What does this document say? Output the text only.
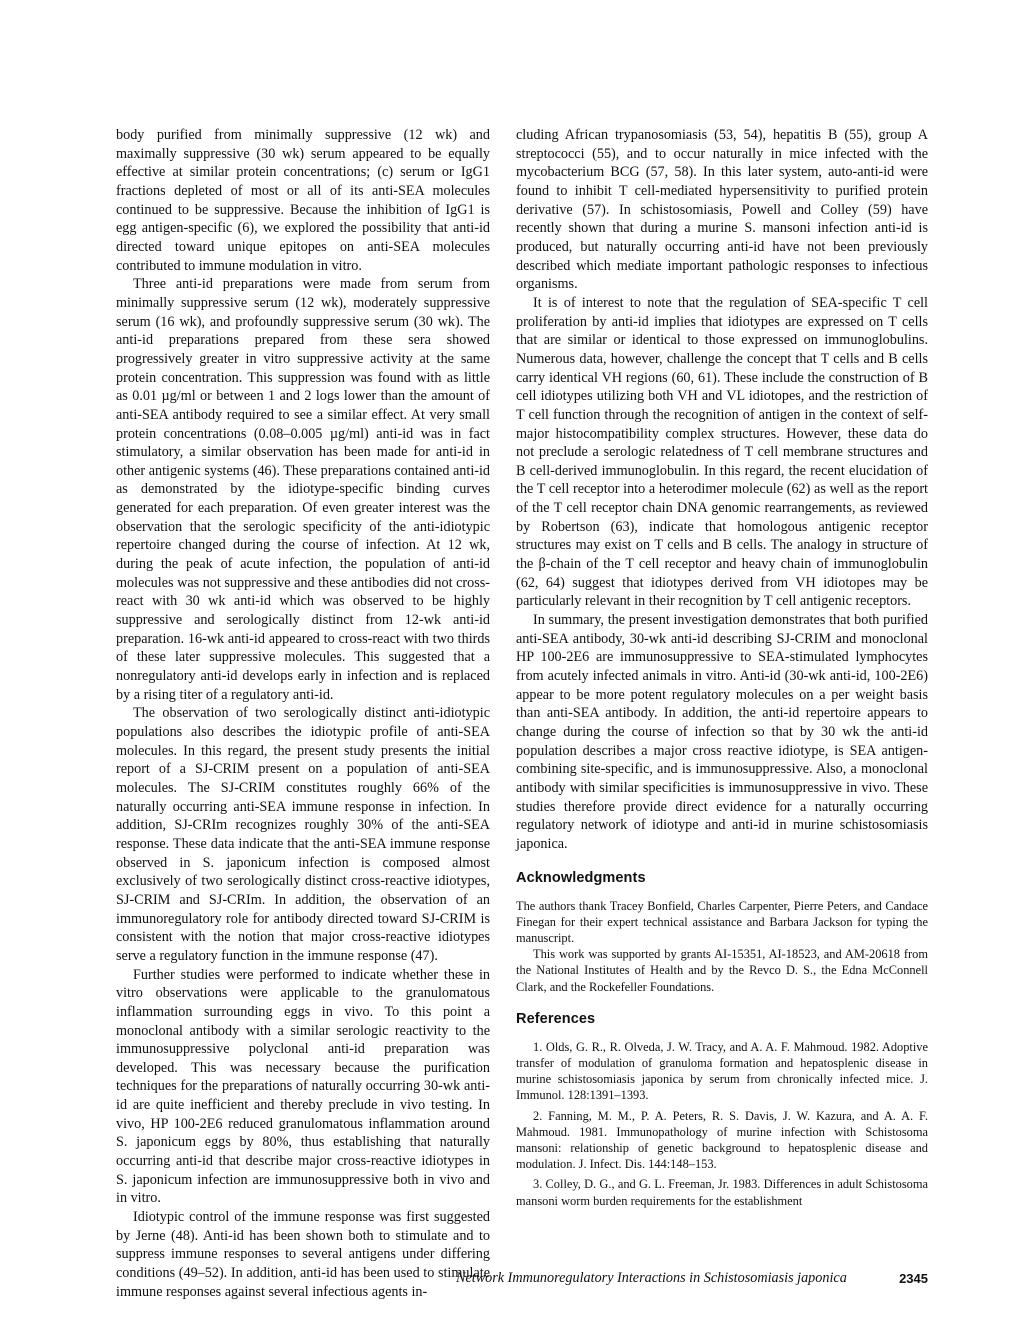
body purified from minimally suppressive (12 wk) and maximally suppressive (30 wk) serum appeared to be equally effective at similar protein concentrations; (c) serum or IgG1 fractions depleted of most or all of its anti-SEA molecules continued to be suppressive. Because the inhibition of IgG1 is egg antigen-specific (6), we explored the possibility that anti-id directed toward unique epitopes on anti-SEA molecules contributed to immune modulation in vitro.

Three anti-id preparations were made from serum from minimally suppressive serum (12 wk), moderately suppressive serum (16 wk), and profoundly suppressive serum (30 wk). The anti-id preparations prepared from these sera showed progressively greater in vitro suppressive activity at the same protein concentration. This suppression was found with as little as 0.01 µg/ml or between 1 and 2 logs lower than the amount of anti-SEA antibody required to see a similar effect. At very small protein concentrations (0.08–0.005 µg/ml) anti-id was in fact stimulatory, a similar observation has been made for anti-id in other antigenic systems (46). These preparations contained anti-id as demonstrated by the idiotype-specific binding curves generated for each preparation. Of even greater interest was the observation that the serologic specificity of the anti-idiotypic repertoire changed during the course of infection. At 12 wk, during the peak of acute infection, the population of anti-id molecules was not suppressive and these antibodies did not cross-react with 30 wk anti-id which was observed to be highly suppressive and serologically distinct from 12-wk anti-id preparation. 16-wk anti-id appeared to cross-react with two thirds of these later suppressive molecules. This suggested that a nonregulatory anti-id develops early in infection and is replaced by a rising titer of a regulatory anti-id.

The observation of two serologically distinct anti-idiotypic populations also describes the idiotypic profile of anti-SEA molecules. In this regard, the present study presents the initial report of a SJ-CRIM present on a population of anti-SEA molecules. The SJ-CRIM constitutes roughly 66% of the naturally occurring anti-SEA immune response in infection. In addition, SJ-CRIm recognizes roughly 30% of the anti-SEA response. These data indicate that the anti-SEA immune response observed in S. japonicum infection is composed almost exclusively of two serologically distinct cross-reactive idiotypes, SJ-CRIM and SJ-CRIm. In addition, the observation of an immunoregulatory role for antibody directed toward SJ-CRIM is consistent with the notion that major cross-reactive idiotypes serve a regulatory function in the immune response (47).

Further studies were performed to indicate whether these in vitro observations were applicable to the granulomatous inflammation surrounding eggs in vivo. To this point a monoclonal antibody with a similar serologic reactivity to the immunosuppressive polyclonal anti-id preparation was developed. This was necessary because the purification techniques for the preparations of naturally occurring 30-wk anti-id are quite inefficient and thereby preclude in vivo testing. In vivo, HP 100-2E6 reduced granulomatous inflammation around S. japonicum eggs by 80%, thus establishing that naturally occurring anti-id that describe major cross-reactive idiotypes in S. japonicum infection are immunosuppressive both in vivo and in vitro.

Idiotypic control of the immune response was first suggested by Jerne (48). Anti-id has been shown both to stimulate and to suppress immune responses to several antigens under differing conditions (49–52). In addition, anti-id has been used to stimulate immune responses against several infectious agents in-

cluding African trypanosomiasis (53, 54), hepatitis B (55), group A streptococci (55), and to occur naturally in mice infected with the mycobacterium BCG (57, 58). In this later system, auto-anti-id were found to inhibit T cell-mediated hypersensitivity to purified protein derivative (57). In schistosomiasis, Powell and Colley (59) have recently shown that during a murine S. mansoni infection anti-id is produced, but naturally occurring anti-id have not been previously described which mediate important pathologic responses to infectious organisms.

It is of interest to note that the regulation of SEA-specific T cell proliferation by anti-id implies that idiotypes are expressed on T cells that are similar or identical to those expressed on immunoglobulins. Numerous data, however, challenge the concept that T cells and B cells carry identical VH regions (60, 61). These include the construction of B cell idiotypes utilizing both VH and VL idiotopes, and the restriction of T cell function through the recognition of antigen in the context of self-major histocompatibility complex structures. However, these data do not preclude a serologic relatedness of T cell membrane structures and B cell-derived immunoglobulin. In this regard, the recent elucidation of the T cell receptor into a heterodimer molecule (62) as well as the report of the T cell receptor chain DNA genomic rearrangements, as reviewed by Robertson (63), indicate that homologous antigenic receptor structures may exist on T cells and B cells. The analogy in structure of the β-chain of the T cell receptor and heavy chain of immunoglobulin (62, 64) suggest that idiotypes derived from VH idiotopes may be particularly relevant in their recognition by T cell antigenic receptors.

In summary, the present investigation demonstrates that both purified anti-SEA antibody, 30-wk anti-id describing SJ-CRIM and monoclonal HP 100-2E6 are immunosuppressive to SEA-stimulated lymphocytes from acutely infected animals in vitro. Anti-id (30-wk anti-id, 100-2E6) appear to be more potent regulatory molecules on a per weight basis than anti-SEA antibody. In addition, the anti-id repertoire appears to change during the course of infection so that by 30 wk the anti-id population describes a major cross reactive idiotype, is SEA antigen-combining site-specific, and is immunosuppressive. Also, a monoclonal antibody with similar specificities is immunosuppressive in vivo. These studies therefore provide direct evidence for a naturally occurring regulatory network of idiotype and anti-id in murine schistosomiasis japonica.

Acknowledgments

The authors thank Tracey Bonfield, Charles Carpenter, Pierre Peters, and Candace Finegan for their expert technical assistance and Barbara Jackson for typing the manuscript.

This work was supported by grants AI-15351, AI-18523, and AM-20618 from the National Institutes of Health and by the Revco D. S., the Edna McConnell Clark, and the Rockefeller Foundations.

References

1. Olds, G. R., R. Olveda, J. W. Tracy, and A. A. F. Mahmoud. 1982. Adoptive transfer of modulation of granuloma formation and hepatosplenic disease in murine schistosomiasis japonica by serum from chronically infected mice. J. Immunol. 128:1391–1393.

2. Fanning, M. M., P. A. Peters, R. S. Davis, J. W. Kazura, and A. A. F. Mahmoud. 1981. Immunopathology of murine infection with Schistosoma mansoni: relationship of genetic background to hepatosplenic disease and modulation. J. Infect. Dis. 144:148–153.

3. Colley, D. G., and G. L. Freeman, Jr. 1983. Differences in adult Schistosoma mansoni worm burden requirements for the establishment

Network Immunoregulatory Interactions in Schistosomiasis japonica	2345
